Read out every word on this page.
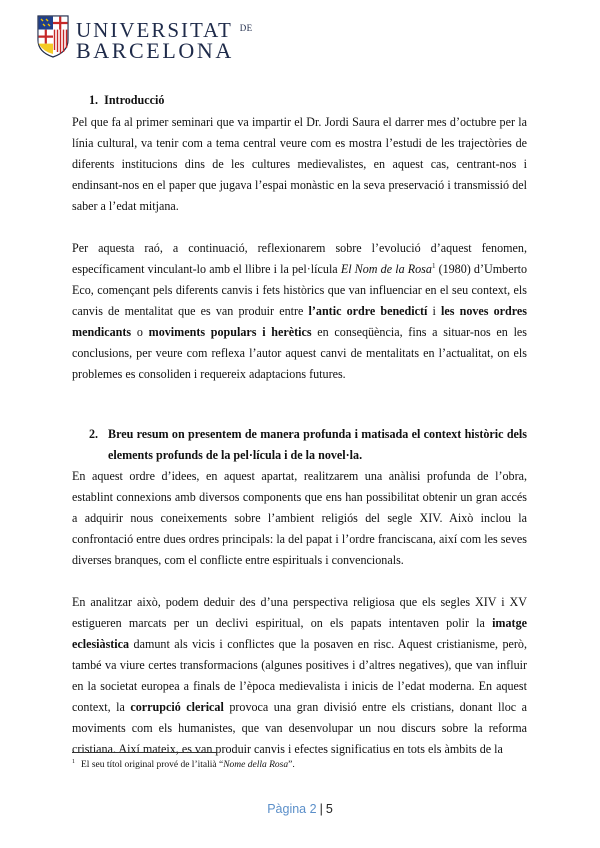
UNIVERSITAT $^{DE}$
BARCELONA

1. Introducció

Pel que fa al primer seminari que va impartir el Dr. Jordi Saura el darrer mes d’octubre per la línia cultural, va tenir com a tema central veure com es mostra l’estudi de les trajectòries de diferents institucions dins de les cultures medievalistes, en aquest cas, centrant-nos i endinsant-nos en el paper que jugava l’espai monàstic en la seva preservació i transmissió del saber a l’edat mitjana.

Per aquesta raó, a continuació, reflexionarem sobre l’evolució d’aquest fenomen, específicament vinculant-lo amb el llibre i la pel·lícula El Nom de la Rosa$^1$ (1980) d’Umberto Eco, començant pels diferents canvis i fets històrics que van influenciar en el seu context, els canvis de mentalitat que es van produir entre l’antic ordre benedictí i les noves ordres mendicants o moviments populars i herètics en conseqüència, fins a situar-nos en les conclusions, per veure com reflexa l’autor aquest canvi de mentalitats en l’actualitat, on els problemes es consoliden i requereix adaptacions futures.

2. Breu resum on presentem de manera profunda i matisada el context històric dels elements profunds de la pel·lícula i de la novel·la.

En aquest ordre d’idees, en aquest apartat, realitzarem una anàlisi profunda de l’obra, establint connexions amb diversos components que ens han possibilitat obtenir un gran accés a adquirir nous coneixements sobre l’ambient religiós del segle XIV. Això inclou la confrontació entre dues ordres principals: la del papat i l’ordre franciscana, així com les seves diverses branques, com el conflicte entre espirituals i convencionals.

En analitzar això, podem deduir des d’una perspectiva religiosa que els segles XIV i XV estigueren marcats per un declivi espiritual, on els papats intentaven polir la imatge eclesiàstica damunt als vicis i conflictes que la posaven en risc. Aquest cristianisme, però, també va viure certes transformacions (algunes positives i d’altres negatives), que van influir en la societat europea a finals de l’època medievalista i inicis de l’edat moderna. En aquest context, la corrupció clerical provoca una gran divisió entre els cristians, donant lloc a moviments com els humanistes, que van desenvolupar un nou discurs sobre la reforma cristiana. Així mateix, es van produir canvis i efectes significatius en tots els àmbits de la

$^1$ El seu títol original prové de l’italià “Nome della Rosa”.
Pàgina 2 | 5
